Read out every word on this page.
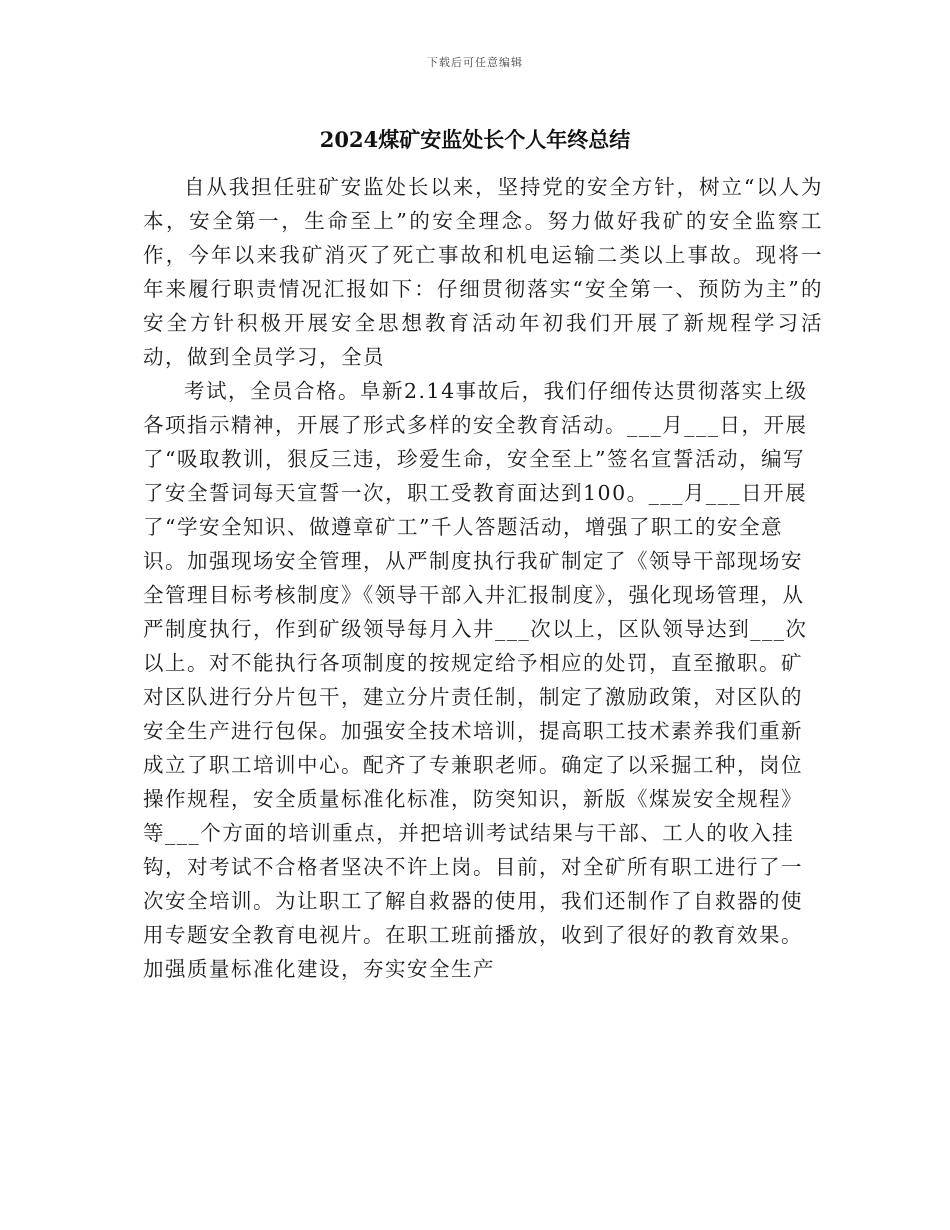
下载后可任意编辑
2024煤矿安监处长个人年终总结

自从我担任驻矿安监处长以来，坚持党的安全方针，树立“以人为本，安全第一，生命至上”的安全理念。努力做好我矿的安全监察工作，今年以来我矿消灭了死亡事故和机电运输二类以上事故。现将一年来履行职责情况汇报如下：仔细贯彻落实“安全第一、预防为主”的安全方针积极开展安全思想教育活动年初我们开展了新规程学习活动，做到全员学习，全员

考试，全员合格。阜新2.14事故后，我们仔细传达贯彻落实上级各项指示精神，开展了形式多样的安全教育活动。___月___日，开展了“吸取教训，狠反三违，珍爱生命，安全至上”签名宣誓活动，编写了安全誓词每天宣誓一次，职工受教育面达到100。___月___日开展了“学安全知识、做遵章矿工”千人答题活动，增强了职工的安全意识。加强现场安全管理，从严制度执行我矿制定了《领导干部现场安全管理目标考核制度》《领导干部入井汇报制度》，强化现场管理，从严制度执行，作到矿级领导每月入井___次以上，区队领导达到___次以上。对不能执行各项制度的按规定给予相应的处罚，直至撤职。矿对区队进行分片包干，建立分片责任制，制定了激励政策，对区队的安全生产进行包保。加强安全技术培训，提高职工技术素养我们重新成立了职工培训中心。配齐了专兼职老师。确定了以采掘工种，岗位操作规程，安全质量标准化标准，防突知识，新版《煤炭安全规程》等___个方面的培训重点，并把培训考试结果与干部、工人的收入挂钩，对考试不合格者坚决不许上岗。目前，对全矿所有职工进行了一次安全培训。为让职工了解自救器的使用，我们还制作了自救器的使用专题安全教育电视片。在职工班前播放，收到了很好的教育效果。加强质量标准化建设，夯实安全生产
